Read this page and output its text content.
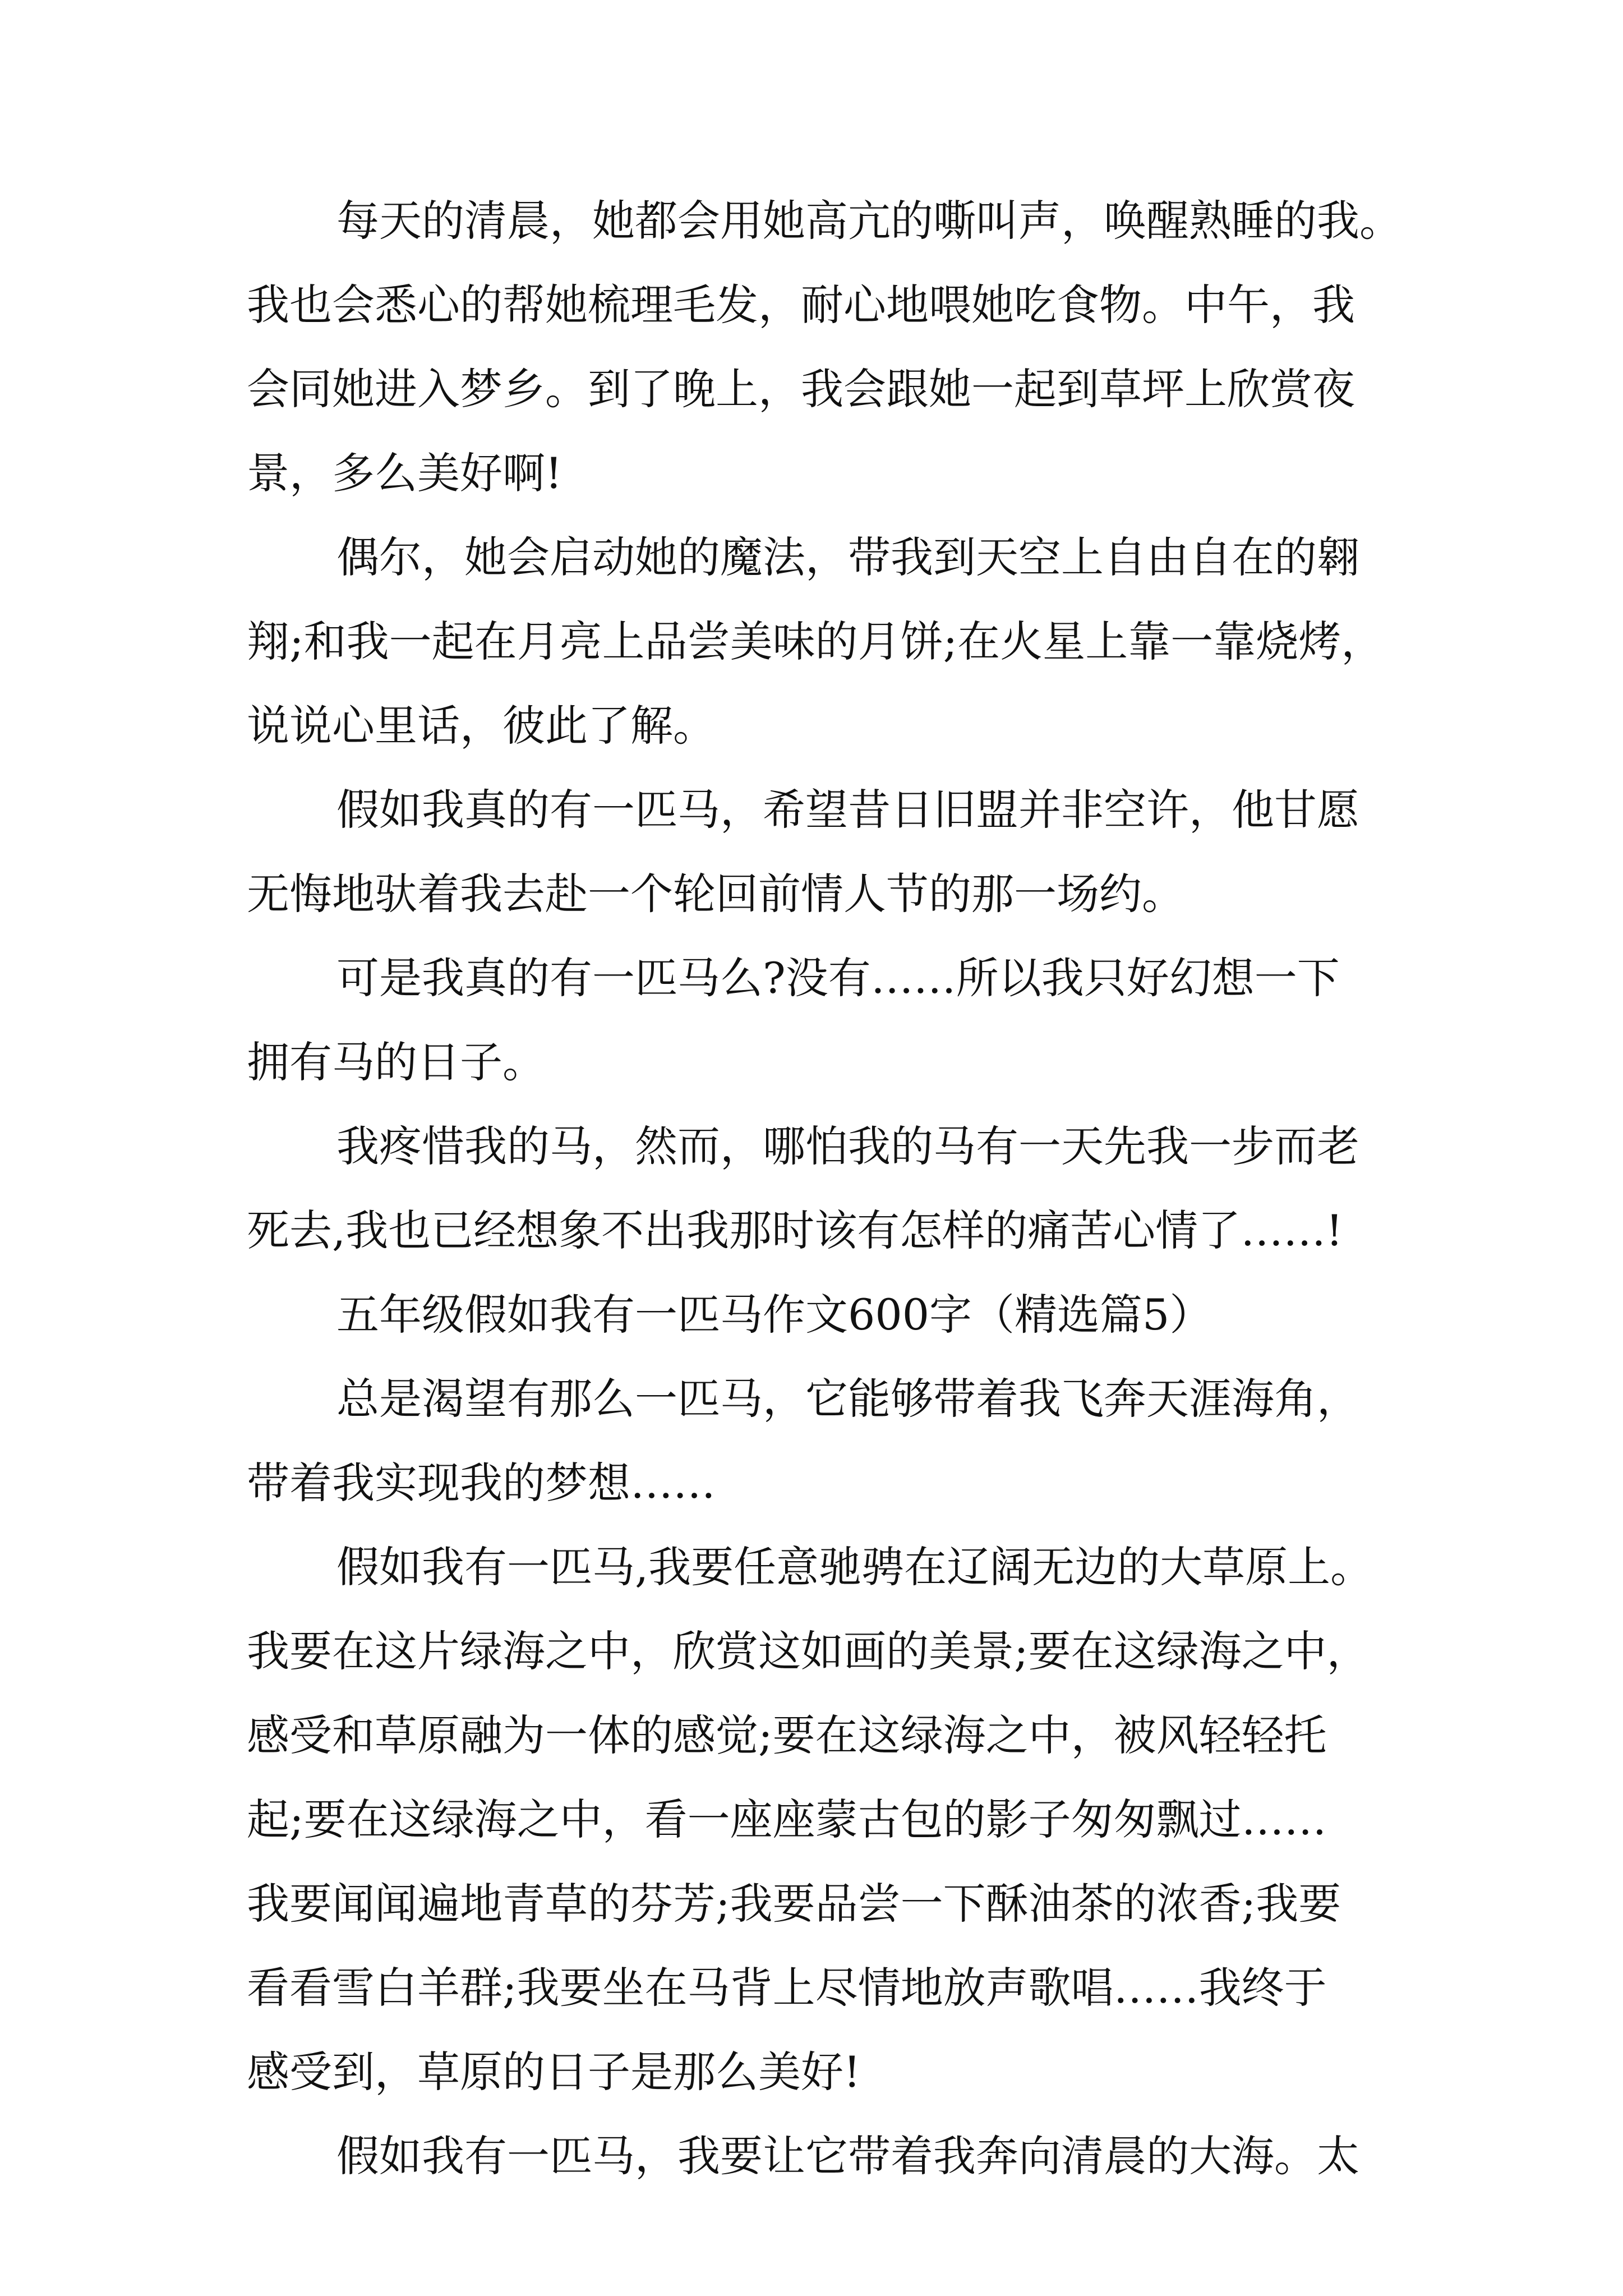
每天的清晨，她都会用她高亢的嘶叫声，唤醒熟睡的我。
我也会悉心的帮她梳理毛发，耐心地喂她吃食物。中午，我
会同她进入梦乡。到了晚上，我会跟她一起到草坪上欣赏夜
景，多么美好啊!
偶尔，她会启动她的魔法，带我到天空上自由自在的翱
翔;和我一起在月亮上品尝美味的月饼;在火星上靠一靠烧烤，
说说心里话，彼此了解。
假如我真的有一匹马，希望昔日旧盟并非空许，他甘愿
无悔地驮着我去赴一个轮回前情人节的那一场约。
可是我真的有一匹马么?没有……所以我只好幻想一下
拥有马的日子。
我疼惜我的马，然而，哪怕我的马有一天先我一步而老
死去,我也已经想象不出我那时该有怎样的痛苦心情了……!
五年级假如我有一匹马作文600字（精选篇5）
总是渴望有那么一匹马，它能够带着我飞奔天涯海角，
带着我实现我的梦想……
假如我有一匹马,我要任意驰骋在辽阔无边的大草原上。
我要在这片绿海之中，欣赏这如画的美景;要在这绿海之中，
感受和草原融为一体的感觉;要在这绿海之中，被风轻轻托
起;要在这绿海之中，看一座座蒙古包的影子匆匆飘过……
我要闻闻遍地青草的芬芳;我要品尝一下酥油茶的浓香;我要
看看雪白羊群;我要坐在马背上尽情地放声歌唱……我终于
感受到，草原的日子是那么美好!
假如我有一匹马，我要让它带着我奔向清晨的大海。太
